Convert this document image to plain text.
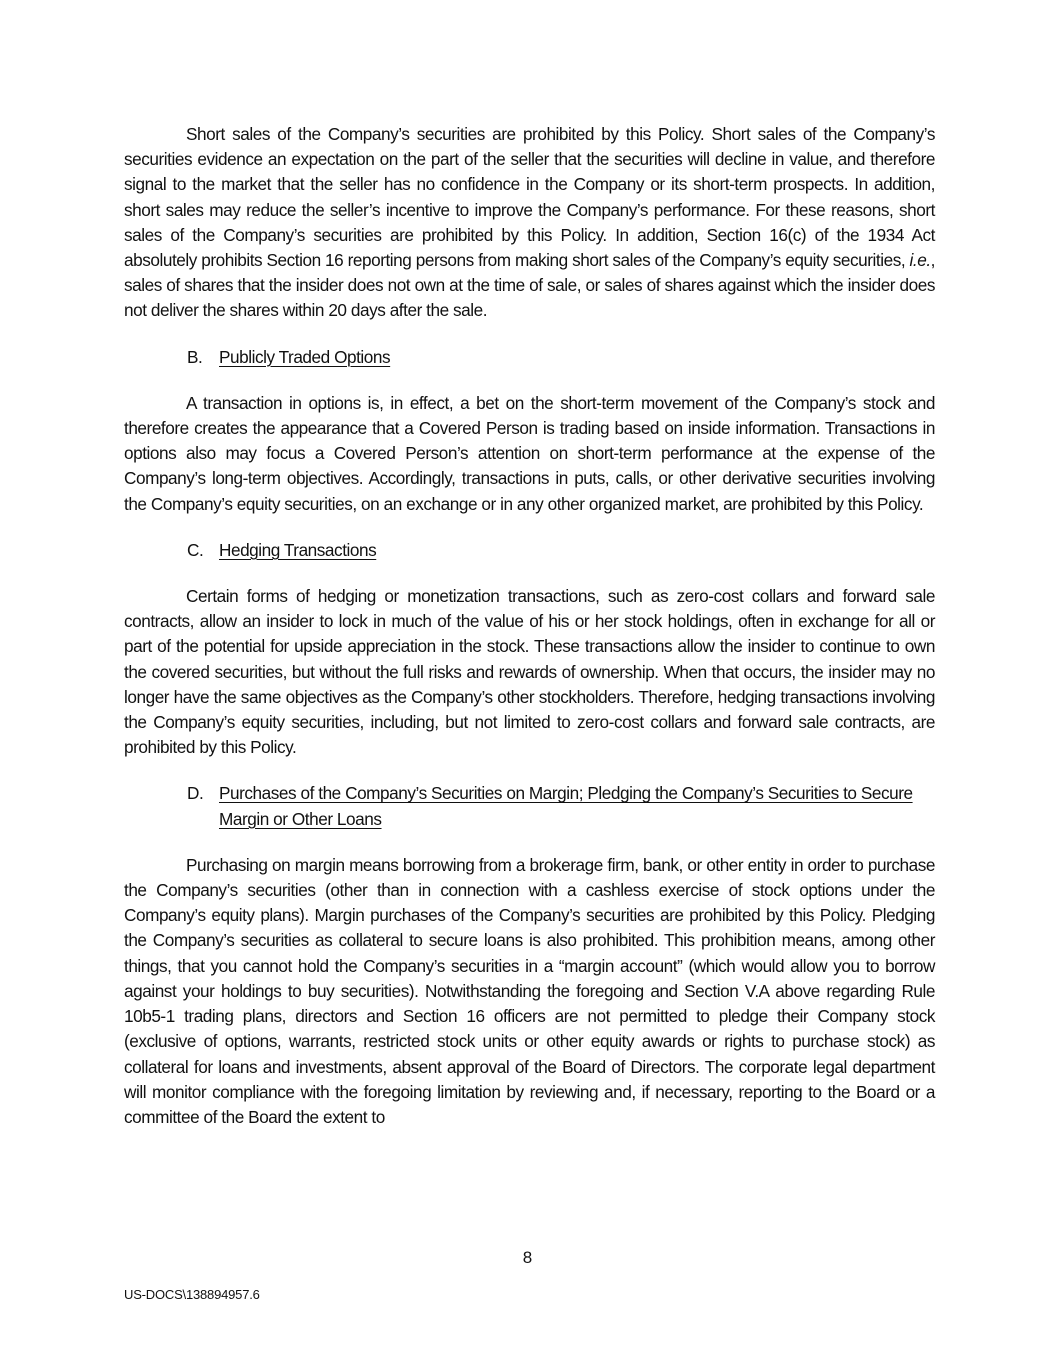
Short sales of the Company’s securities are prohibited by this Policy. Short sales of the Company’s securities evidence an expectation on the part of the seller that the securities will decline in value, and therefore signal to the market that the seller has no confidence in the Company or its short-term prospects. In addition, short sales may reduce the seller’s incentive to improve the Company’s performance. For these reasons, short sales of the Company’s securities are prohibited by this Policy. In addition, Section 16(c) of the 1934 Act absolutely prohibits Section 16 reporting persons from making short sales of the Company’s equity securities, i.e., sales of shares that the insider does not own at the time of sale, or sales of shares against which the insider does not deliver the shares within 20 days after the sale.

B. Publicly Traded Options

A transaction in options is, in effect, a bet on the short-term movement of the Company’s stock and therefore creates the appearance that a Covered Person is trading based on inside information. Transactions in options also may focus a Covered Person’s attention on short-term performance at the expense of the Company’s long-term objectives. Accordingly, transactions in puts, calls, or other derivative securities involving the Company’s equity securities, on an exchange or in any other organized market, are prohibited by this Policy.

C. Hedging Transactions

Certain forms of hedging or monetization transactions, such as zero-cost collars and forward sale contracts, allow an insider to lock in much of the value of his or her stock holdings, often in exchange for all or part of the potential for upside appreciation in the stock. These transactions allow the insider to continue to own the covered securities, but without the full risks and rewards of ownership. When that occurs, the insider may no longer have the same objectives as the Company’s other stockholders. Therefore, hedging transactions involving the Company’s equity securities, including, but not limited to zero-cost collars and forward sale contracts, are prohibited by this Policy.

D. Purchases of the Company’s Securities on Margin; Pledging the Company’s Securities to Secure Margin or Other Loans

Purchasing on margin means borrowing from a brokerage firm, bank, or other entity in order to purchase the Company’s securities (other than in connection with a cashless exercise of stock options under the Company’s equity plans). Margin purchases of the Company’s securities are prohibited by this Policy. Pledging the Company’s securities as collateral to secure loans is also prohibited. This prohibition means, among other things, that you cannot hold the Company’s securities in a “margin account” (which would allow you to borrow against your holdings to buy securities). Notwithstanding the foregoing and Section V.A above regarding Rule 10b5-1 trading plans, directors and Section 16 officers are not permitted to pledge their Company stock (exclusive of options, warrants, restricted stock units or other equity awards or rights to purchase stock) as collateral for loans and investments, absent approval of the Board of Directors. The corporate legal department will monitor compliance with the foregoing limitation by reviewing and, if necessary, reporting to the Board or a committee of the Board the extent to

8
US-DOCS\138894957.6
